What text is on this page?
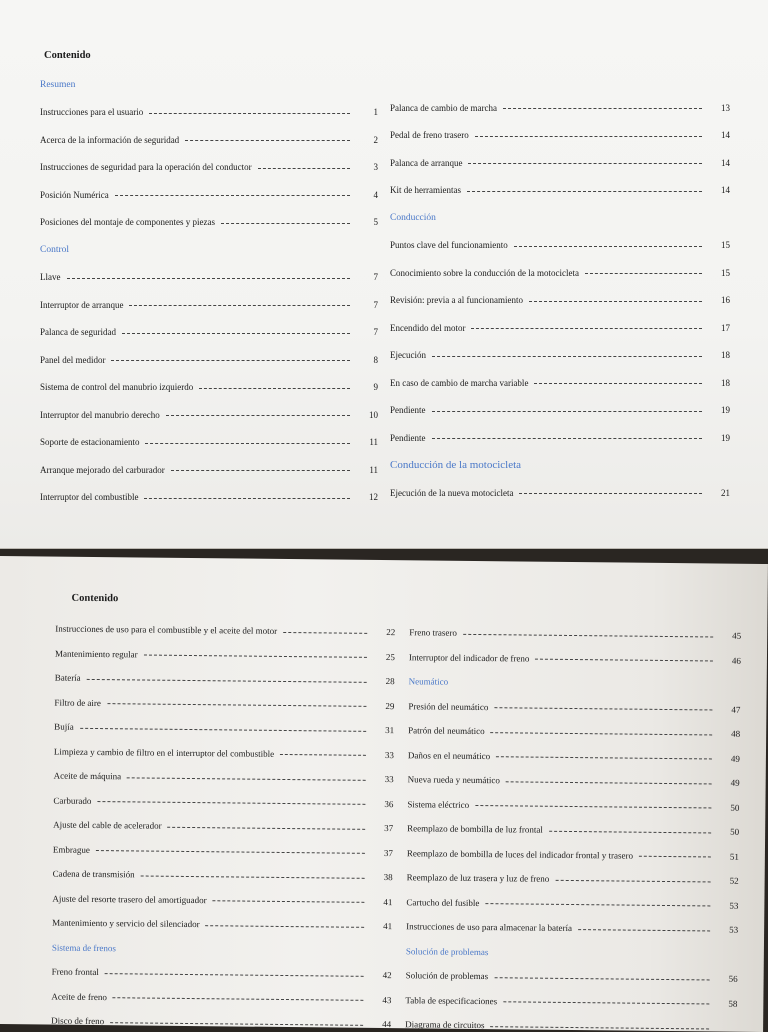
Contenido
Resumen
Instrucciones para el usuario	1
Acerca de la información de seguridad	2
Instrucciones de seguridad para la operación del conductor	3
Posición Numérica	4
Posiciones del montaje de componentes y piezas	5
Control
Llave	7
Interruptor de arranque	7
Palanca de seguridad	7
Panel del medidor	8
Sistema de control del manubrio izquierdo	9
Interruptor del manubrio derecho	10
Soporte de estacionamiento	11
Arranque mejorado del carburador	11
Interruptor del combustible	12
Palanca de cambio de marcha	13
Pedal de freno trasero	14
Palanca de arranque	14
Kit de herramientas	14
Conducción
Puntos clave del funcionamiento	15
Conocimiento sobre la conducción de la motocicleta	15
Revisión: previa a al funcionamiento	16
Encendido del motor	17
Ejecución	18
En caso de cambio de marcha variable	18
Pendiente	19
Pendiente	19
Conducción de la motocicleta
Ejecución de la nueva motocicleta	21
Contenido
Instrucciones de uso para el combustible y el aceite del motor	22
Mantenimiento regular	25
Batería	28
Filtro de aire	29
Bujía	31
Limpieza y cambio de filtro en el interruptor del combustible	33
Aceite de máquina	33
Carburado	36
Ajuste del cable de acelerador	37
Embrague	37
Cadena de transmisión	38
Ajuste del resorte trasero del amortiguador	41
Mantenimiento y servicio del silenciador	41
Sistema de frenos
Freno frontal	42
Aceite de freno	43
Disco de freno	44
Freno trasero	45
Interruptor del indicador de freno	46
Neumático
Presión del neumático	47
Patrón del neumático	48
Daños en el neumático	49
Nueva rueda y neumático	49
Sistema eléctrico	50
Reemplazo de bombilla de luz frontal	50
Reemplazo de bombilla de luces del indicador frontal y trasero	51
Reemplazo de luz trasera y luz de freno	52
Cartucho del fusible	53
Instrucciones de uso para almacenar la batería	53
Solución de problemas
Solución de problemas	56
Tabla de especificaciones	58
Diagrama de circuitos
